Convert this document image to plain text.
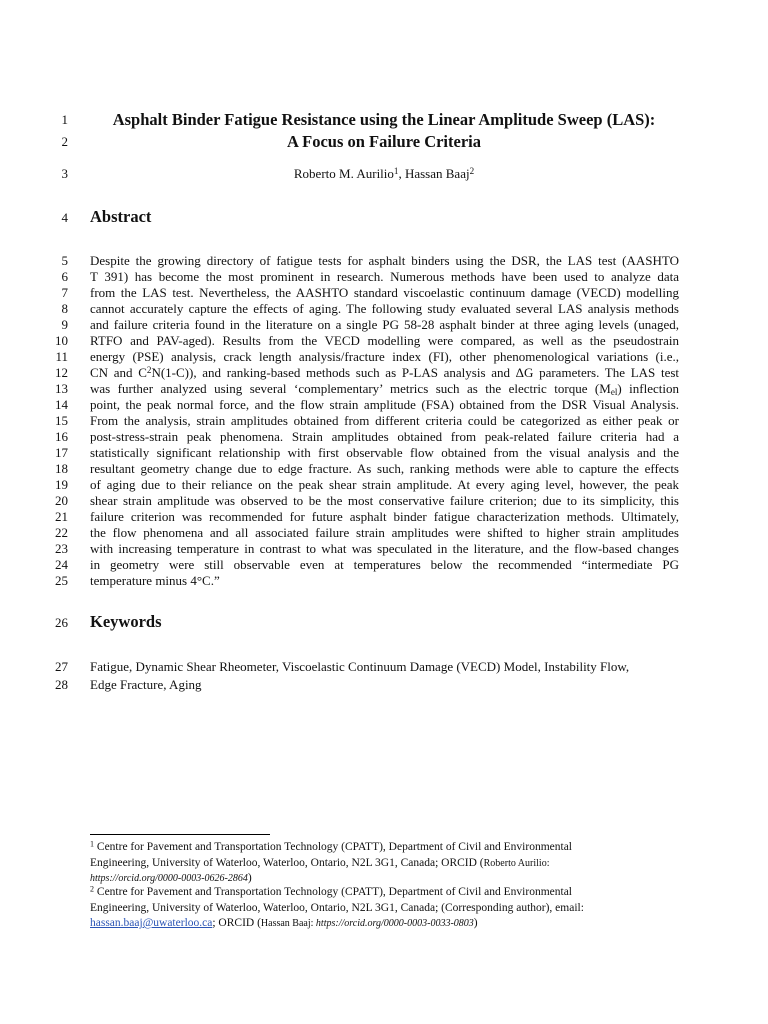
1
2
3
4
5
6
7
8
9
10
11
12
13
14
15
16
17
18
19
20
21
22
23
24
25
26
27
28
Asphalt Binder Fatigue Resistance using the Linear Amplitude Sweep (LAS):
A Focus on Failure Criteria
Roberto M. Aurilio$^1$, Hassan Baaj$^2$
Abstract
Despite the growing directory of fatigue tests for asphalt binders using the DSR, the LAS test (AASHTO
T 391) has become the most prominent in research. Numerous methods have been used to analyze data
from the LAS test. Nevertheless, the AASHTO standard viscoelastic continuum damage (VECD) modelling
cannot accurately capture the effects of aging. The following study evaluated several LAS analysis methods
and failure criteria found in the literature on a single PG 58-28 asphalt binder at three aging levels (unaged,
RTFO and PAV-aged). Results from the VECD modelling were compared, as well as the pseudostrain
energy (PSE) analysis, crack length analysis/fracture index (FI), other phenomenological variations (i.e.,
CN and $C^2N(1-C)$), and ranking-based methods such as P-LAS analysis and ΔG parameters. The LAS test
was further analyzed using several ‘complementary’ metrics such as the electric torque $(M_{el})$ inflection
point, the peak normal force, and the flow strain amplitude (FSA) obtained from the DSR Visual Analysis.
From the analysis, strain amplitudes obtained from different criteria could be categorized as either peak or
post-stress-strain peak phenomena. Strain amplitudes obtained from peak-related failure criteria had a
statistically significant relationship with first observable flow obtained from the visual analysis and the
resultant geometry change due to edge fracture. As such, ranking methods were able to capture the effects
of aging due to their reliance on the peak shear strain amplitude. At every aging level, however, the peak
shear strain amplitude was observed to be the most conservative failure criterion; due to its simplicity, this
failure criterion was recommended for future asphalt binder fatigue characterization methods. Ultimately,
the flow phenomena and all associated failure strain amplitudes were shifted to higher strain amplitudes
with increasing temperature in contrast to what was speculated in the literature, and the flow-based changes
in geometry were still observable even at temperatures below the recommended “intermediate PG
temperature minus 4°C.”
Keywords
Fatigue, Dynamic Shear Rheometer, Viscoelastic Continuum Damage (VECD) Model, Instability Flow,
Edge Fracture, Aging
$^1$ Centre for Pavement and Transportation Technology (CPATT), Department of Civil and Environmental
Engineering, University of Waterloo, Waterloo, Ontario, N2L 3G1, Canada; ORCID (Roberto Aurilio:
https://orcid.org/0000-0003-0626-2864)
$^2$ Centre for Pavement and Transportation Technology (CPATT), Department of Civil and Environmental
Engineering, University of Waterloo, Waterloo, Ontario, N2L 3G1, Canada; (Corresponding author), email:
hassan.baaj@uwaterloo.ca; ORCID (Hassan Baaj: https://orcid.org/0000-0003-0033-0803)
